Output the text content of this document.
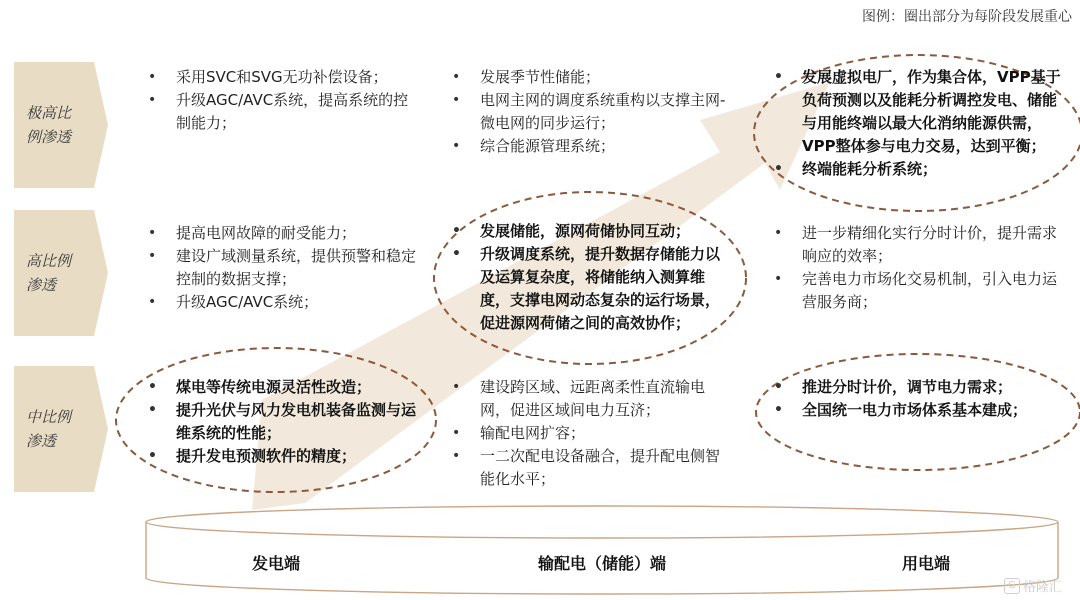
图例：圈出部分为每阶段发展重心
极高比例渗透
高比例渗透
中比例渗透
• 采用SVC和SVG无功补偿设备；
• 升级AGC/AVC系统，提高系统的控制能力；
• 发展季节性储能；
• 电网主网的调度系统重构以支撑主网-微电网的同步运行；
• 综合能源管理系统；
• 发展虚拟电厂，作为集合体，VPP基于负荷预测以及能耗分析调控发电、储能与用能终端以最大化消纳能源供需，VPP整体参与电力交易，达到平衡；
• 终端能耗分析系统；
• 提高电网故障的耐受能力；
• 建设广域测量系统，提供预警和稳定控制的数据支撑；
• 升级AGC/AVC系统；
• 发展储能，源网荷储协同互动；
• 升级调度系统，提升数据存储能力以及运算复杂度，将储能纳入测算维度，支撑电网动态复杂的运行场景，促进源网荷储之间的高效协作；
• 进一步精细化实行分时计价，提升需求响应的效率；
• 完善电力市场化交易机制，引入电力运营服务商；
• 煤电等传统电源灵活性改造；
• 提升光伏与风力发电机装备监测与运维系统的性能；
• 提升发电预测软件的精度；
• 建设跨区域、远距离柔性直流输电网，促进区域间电力互济；
• 输配电网扩容；
• 一二次配电设备融合，提升配电侧智能化水平；
• 推进分时计价，调节电力需求；
• 全国统一电力市场体系基本建成；
发电端	输配电（储能）端	用电端
G 格隆汇
